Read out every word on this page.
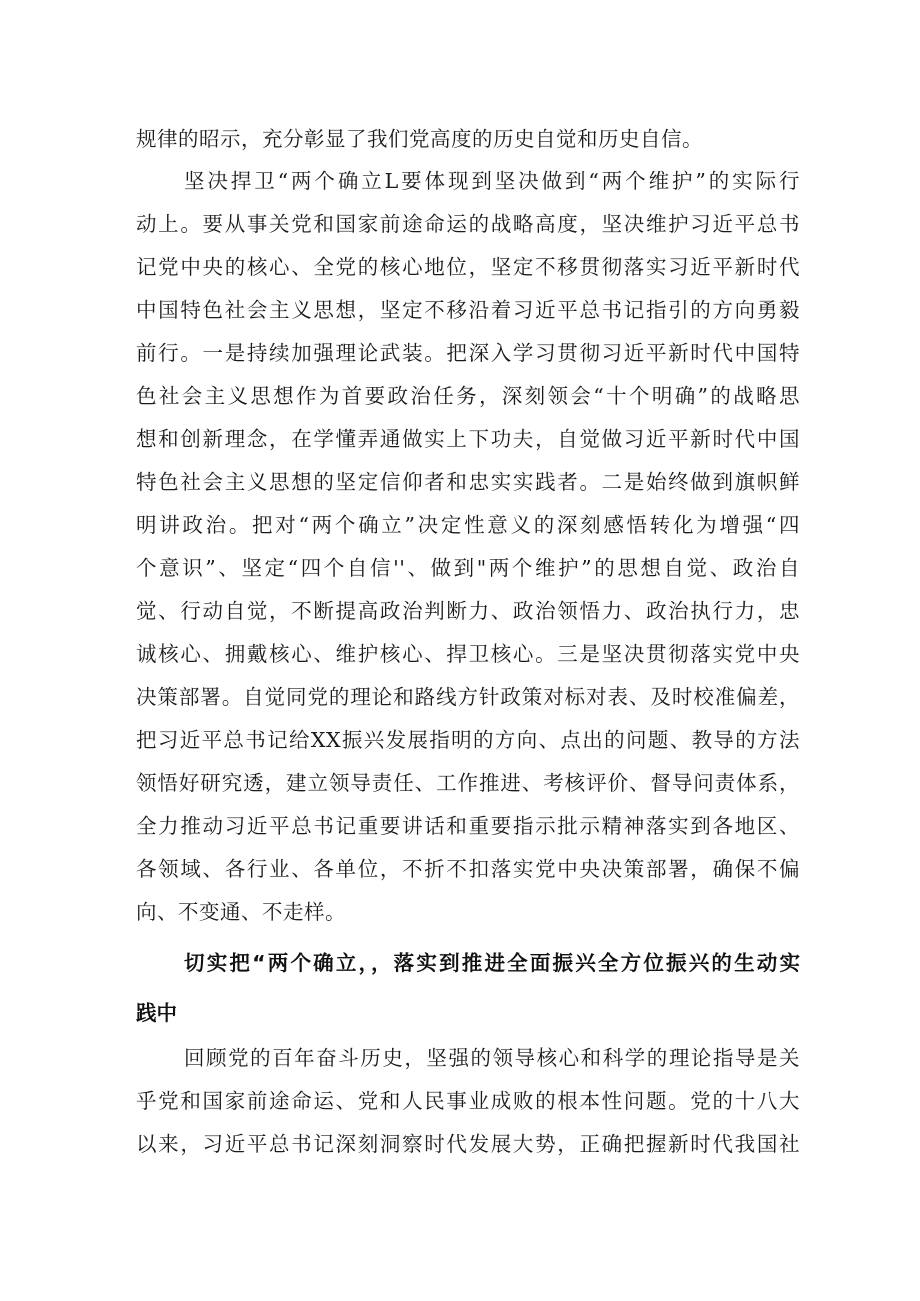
规律的昭示，充分彰显了我们党高度的历史自觉和历史自信。
坚决捍卫“两个确立L要体现到坚决做到“两个维护”的实际行
动上。要从事关党和国家前途命运的战略高度，坚决维护习近平总书
记党中央的核心、全党的核心地位，坚定不移贯彻落实习近平新时代
中国特色社会主义思想，坚定不移沿着习近平总书记指引的方向勇毅
前行。一是持续加强理论武装。把深入学习贯彻习近平新时代中国特
色社会主义思想作为首要政治任务，深刻领会“十个明确”的战略思
想和创新理念，在学懂弄通做实上下功夫，自觉做习近平新时代中国
特色社会主义思想的坚定信仰者和忠实实践者。二是始终做到旗帜鲜
明讲政治。把对“两个确立”决定性意义的深刻感悟转化为增强“四
个意识”、坚定“四个自信''、做到"两个维护”的思想自觉、政治自
觉、行动自觉，不断提高政治判断力、政治领悟力、政治执行力，忠
诚核心、拥戴核心、维护核心、捍卫核心。三是坚决贯彻落实党中央
决策部署。自觉同党的理论和路线方针政策对标对表、及时校准偏差，
把习近平总书记给XX振兴发展指明的方向、点出的问题、教导的方法
领悟好研究透，建立领导责任、工作推进、考核评价、督导问责体系，
全力推动习近平总书记重要讲话和重要指示批示精神落实到各地区、
各领域、各行业、各单位，不折不扣落实党中央决策部署，确保不偏
向、不变通、不走样。
切实把“两个确立，，落实到推进全面振兴全方位振兴的生动实
践中
回顾党的百年奋斗历史，坚强的领导核心和科学的理论指导是关
乎党和国家前途命运、党和人民事业成败的根本性问题。党的十八大
以来，习近平总书记深刻洞察时代发展大势，正确把握新时代我国社
